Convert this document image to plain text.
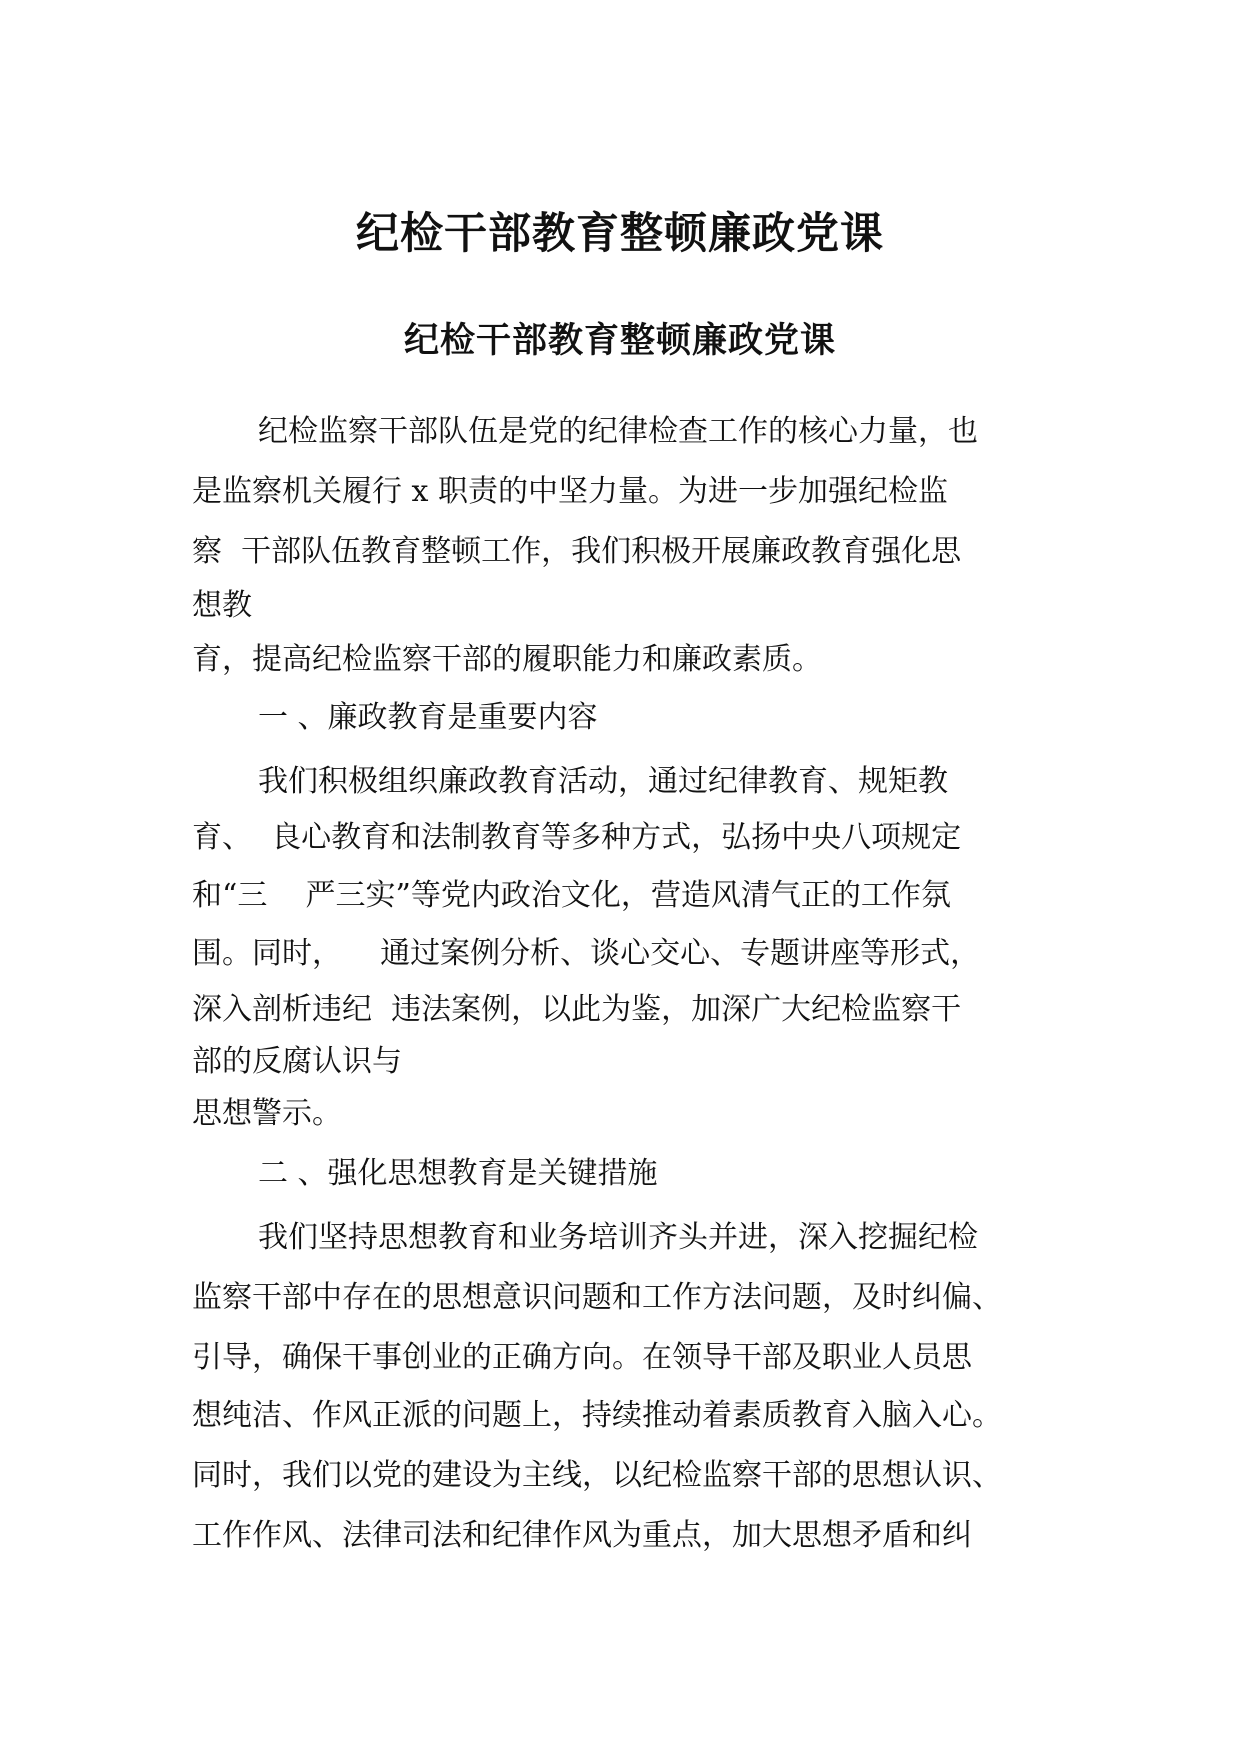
纪检干部教育整顿廉政党课
纪检干部教育整顿廉政党课

纪检监察干部队伍是党的纪律检查工作的核心力量，也

是监察机关履行 x 职责的中坚力量。为进一步加强纪检监

察  干部队伍教育整顿工作，我们积极开展廉政教育强化思

想教

育，提高纪检监察干部的履职能力和廉政素质。

一 、廉政教育是重要内容

我们积极组织廉政教育活动，通过纪律教育、规矩教

育、  良心教育和法制教育等多种方式，弘扬中央八项规定

和“三    严三实”等党内政治文化，营造风清气正的工作氛

围。同时，    通过案例分析、谈心交心、专题讲座等形式，

深入剖析违纪  违法案例，以此为鉴，加深广大纪检监察干

部的反腐认识与

思想警示。

二 、强化思想教育是关键措施

我们坚持思想教育和业务培训齐头并进，深入挖掘纪检

监察干部中存在的思想意识问题和工作方法问题，及时纠偏、

引导，确保干事创业的正确方向。在领导干部及职业人员思

想纯洁、作风正派的问题上，持续推动着素质教育入脑入心。

同时，我们以党的建设为主线，以纪检监察干部的思想认识、

工作作风、法律司法和纪律作风为重点，加大思想矛盾和纠
